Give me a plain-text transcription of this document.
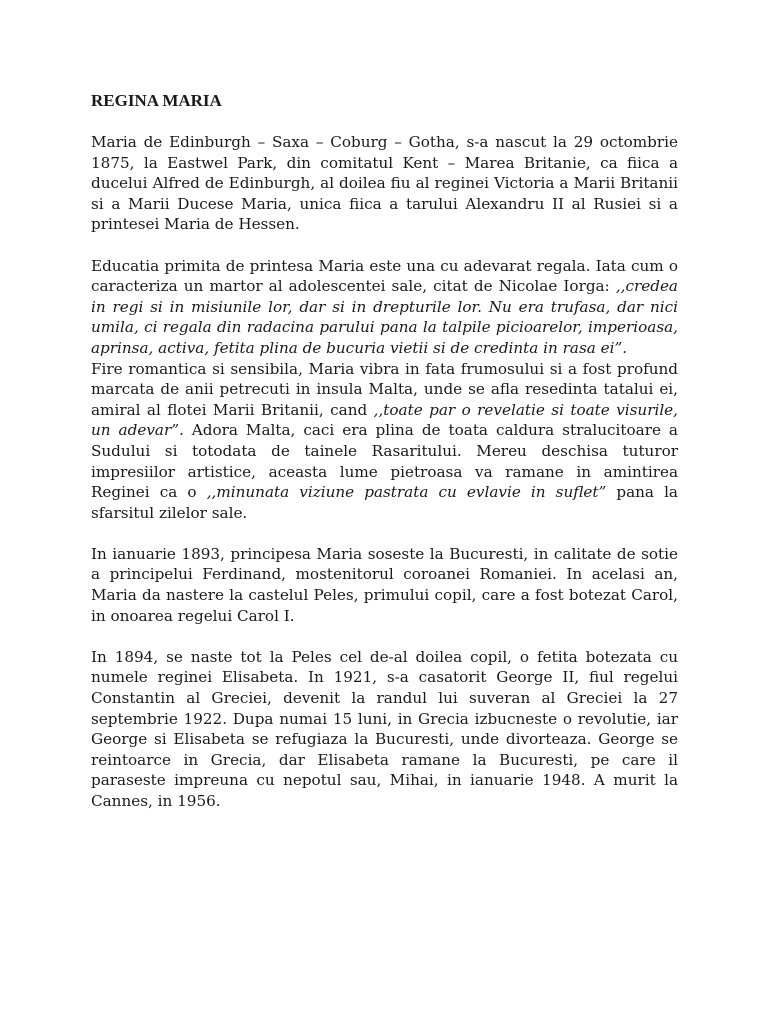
REGINA MARIA

Maria de Edinburgh – Saxa – Coburg – Gotha, s-a nascut la 29 octombrie 1875, la Eastwel Park, din comitatul Kent – Marea Britanie, ca fiica a ducelui Alfred de Edinburgh, al doilea fiu al reginei Victoria a Marii Britanii si a Marii Ducese Maria, unica fiica a tarului Alexandru II al Rusiei si a printesei Maria de Hessen.

Educatia primita de printesa Maria este una cu adevarat regala. Iata cum o caracteriza un martor al adolescentei sale, citat de Nicolae Iorga: ,,credea in regi si in misiunile lor, dar si in drepturile lor. Nu era trufasa, dar nici umila, ci regala din radacina parului pana la talpile picioarelor, imperioasa, aprinsa, activa, fetita plina de bucuria vietii si de credinta in rasa ei”.

Fire romantica si sensibila, Maria vibra in fata frumosului si a fost profund marcata de anii petrecuti in insula Malta, unde se afla resedinta tatalui ei, amiral al flotei Marii Britanii, cand ,,toate par o revelatie si toate visurile, un adevar”. Adora Malta, caci era plina de toata caldura stralucitoare a Sudului si totodata de tainele Rasaritului. Mereu deschisa tuturor impresiilor artistice, aceasta lume pietroasa va ramane in amintirea Reginei ca o ,,minunata viziune pastrata cu evlavie in suflet” pana la sfarsitul zilelor sale.

In ianuarie 1893, principesa Maria soseste la Bucuresti, in calitate de sotie a principelui Ferdinand, mostenitorul coroanei Romaniei. In acelasi an, Maria da nastere la castelul Peles, primului copil, care a fost botezat Carol, in onoarea regelui Carol I.

In 1894, se naste tot la Peles cel de-al doilea copil, o fetita botezata cu numele reginei Elisabeta. In 1921, s-a casatorit George II, fiul regelui Constantin al Greciei, devenit la randul lui suveran al Greciei la 27 septembrie 1922. Dupa numai 15 luni, in Grecia izbucneste o revolutie, iar George si Elisabeta se refugiaza la Bucuresti, unde divorteaza. George se reintoarce in Grecia, dar Elisabeta ramane la Bucuresti, pe care il paraseste impreuna cu nepotul sau, Mihai, in ianuarie 1948. A murit la Cannes, in 1956.
